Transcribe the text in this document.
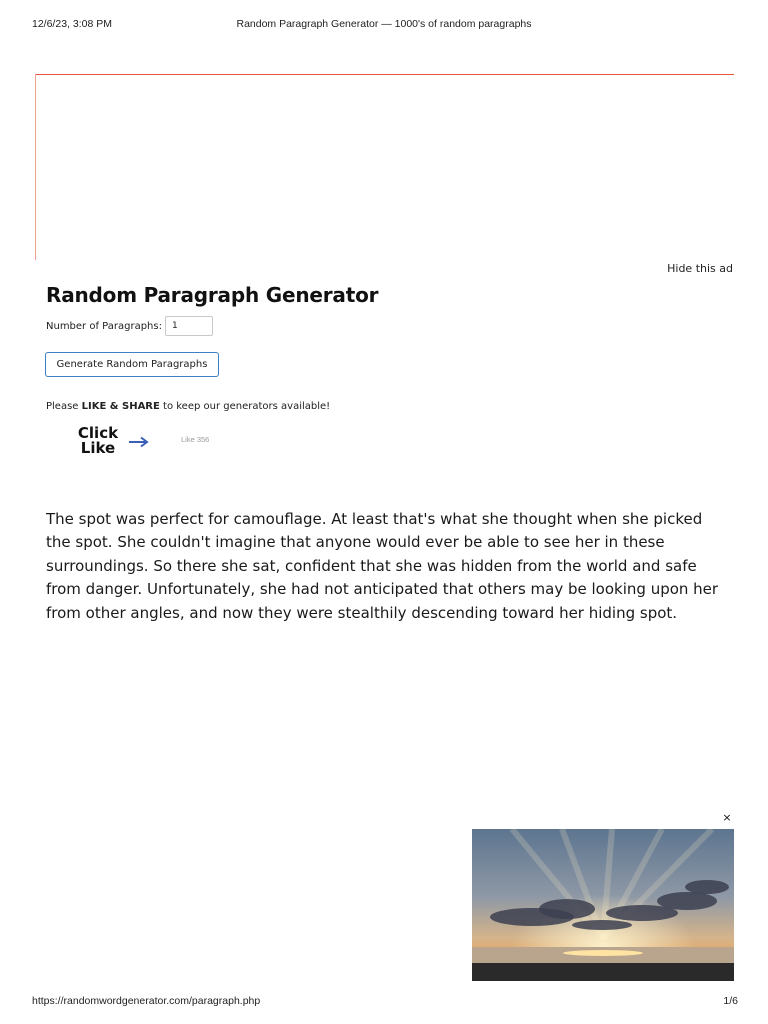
12/6/23, 3:08 PM	Random Paragraph Generator — 1000's of random paragraphs
Hide this ad
Random Paragraph Generator
Number of Paragraphs:
1
Generate Random Paragraphs
Please LIKE & SHARE to keep our generators available!
Click
Like	Like 356

The spot was perfect for camouflage. At least that's what she thought when she picked the spot. She couldn't imagine that anyone would ever be able to see her in these surroundings. So there she sat, confident that she was hidden from the world and safe from danger. Unfortunately, she had not anticipated that others may be looking upon her from other angles, and now they were stealthily descending toward her hiding spot.

×
https://randomwordgenerator.com/paragraph.php	1/6
